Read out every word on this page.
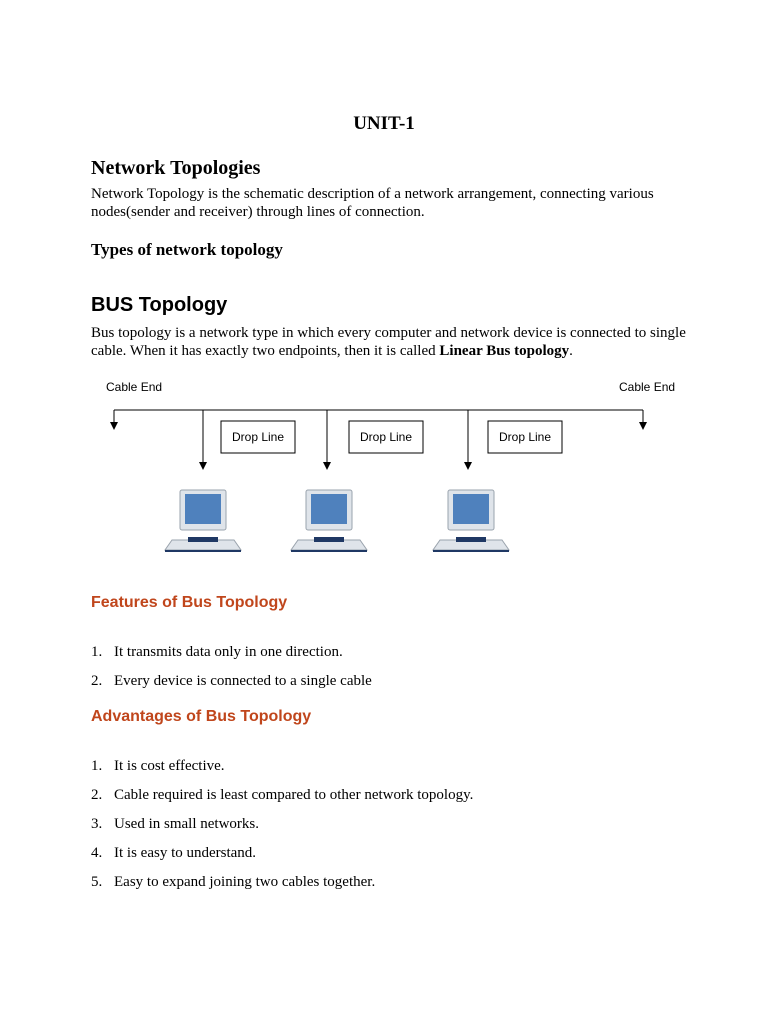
UNIT-1
Network Topologies
Network Topology is the schematic description of a network arrangement, connecting various nodes(sender and receiver) through lines of connection.
Types of network topology
BUS Topology
Bus topology is a network type in which every computer and network device is connected to single cable. When it has exactly two endpoints, then it is called Linear Bus topology.
Cable End	Cable End
Drop Line	Drop Line	Drop Line
Features of Bus Topology
1. It transmits data only in one direction.
2. Every device is connected to a single cable
Advantages of Bus Topology
1. It is cost effective.
2. Cable required is least compared to other network topology.
3. Used in small networks.
4. It is easy to understand.
5. Easy to expand joining two cables together.
